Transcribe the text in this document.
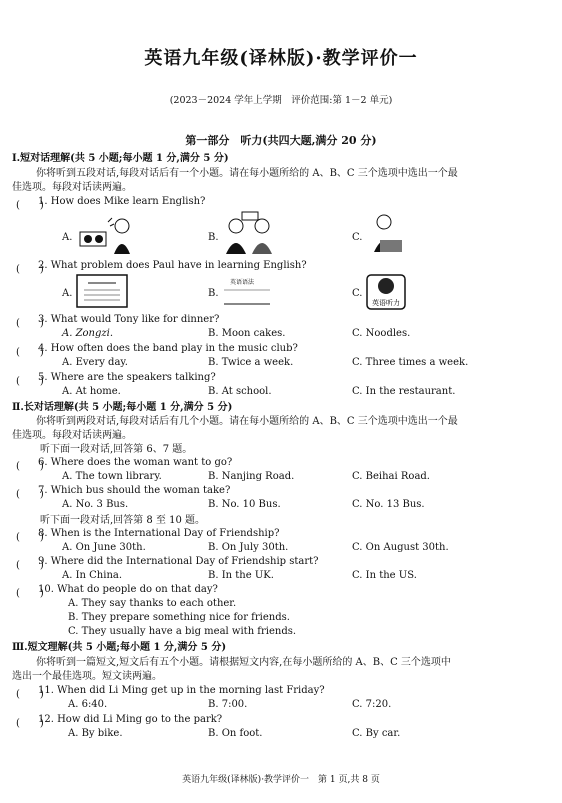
英语九年级(译林版)·教学评价一
(2023－2024 学年上学期　评价范围:第 1－2 单元)
第一部分　听力(共四大题,满分 20 分)
Ⅰ.短对话理解(共 5 小题;每小题 1 分,满分 5 分)
你将听到五段对话,每段对话后有一个小题。请在每小题所给的 A、B、C 三个选项中选出一个最
佳选项。每段对话读两遍。
(　　)
1. How does Mike learn English?
A.	B.	C.
(　　)
2. What problem does Paul have in learning English?
A.	B.
英语语法
C.
英语听力
(　　)
3. What would Tony like for dinner?
A. Zongzi.	B. Moon cakes.	C. Noodles.
(　　)
4. How often does the band play in the music club?
A. Every day.	B. Twice a week.	C. Three times a week.
(　　)
5. Where are the speakers talking?
A. At home.	B. At school.	C. In the restaurant.
Ⅱ.长对话理解(共 5 小题;每小题 1 分,满分 5 分)
你将听到两段对话,每段对话后有几个小题。请在每小题所给的 A、B、C 三个选项中选出一个最
佳选项。每段对话读两遍。
听下面一段对话,回答第 6、7 题。
(　　)
6. Where does the woman want to go?
A. The town library.	B. Nanjing Road.	C. Beihai Road.
(　　)
7. Which bus should the woman take?
A. No. 3 Bus.	B. No. 10 Bus.	C. No. 13 Bus.
听下面一段对话,回答第 8 至 10 题。
(　　)
8. When is the International Day of Friendship?
A. On June 30th.	B. On July 30th.	C. On August 30th.
(　　)
9. Where did the International Day of Friendship start?
A. In China.	B. In the UK.	C. In the US.
(　　)
10. What do people do on that day?
A. They say thanks to each other.
B. They prepare something nice for friends.
C. They usually have a big meal with friends.
Ⅲ.短文理解(共 5 小题;每小题 1 分,满分 5 分)
你将听到一篇短文,短文后有五个小题。请根据短文内容,在每小题所给的 A、B、C 三个选项中
选出一个最佳选项。短文读两遍。
(　　)
11. When did Li Ming get up in the morning last Friday?
A. 6:40.	B. 7:00.	C. 7:20.
(　　)
12. How did Li Ming go to the park?
A. By bike.	B. On foot.	C. By car.
英语九年级(译林版)·教学评价一　第 1 页,共 8 页
